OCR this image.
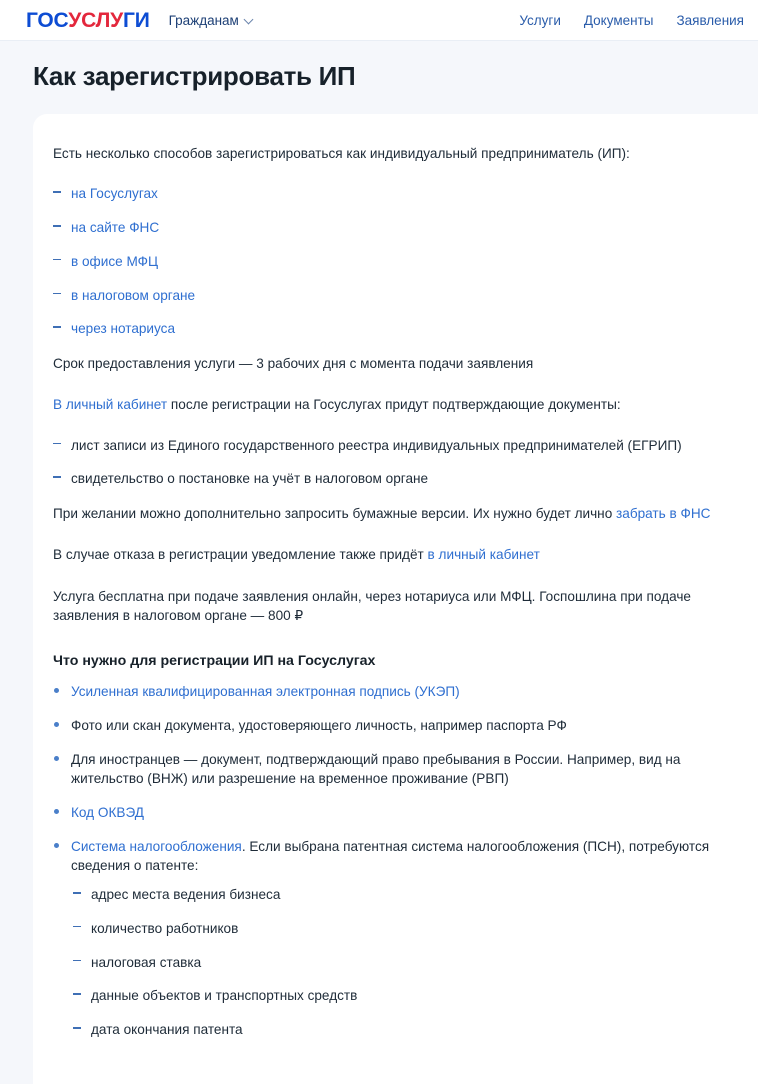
ГОСУСЛУГИ Гражданам	Услуги Документы Заявления
Как зарегистрировать ИП

Есть несколько способов зарегистрироваться как индивидуальный предприниматель (ИП):

на Госуслугах
на сайте ФНС
в офисе МФЦ
в налоговом органе
через нотариуса

Срок предоставления услуги — 3 рабочих дня с момента подачи заявления

В личный кабинет после регистрации на Госуслугах придут подтверждающие документы:

лист записи из Единого государственного реестра индивидуальных предпринимателей (ЕГРИП)
свидетельство о постановке на учёт в налоговом органе

При желании можно дополнительно запросить бумажные версии. Их нужно будет лично забрать в ФНС

В случае отказа в регистрации уведомление также придёт в личный кабинет

Услуга бесплатна при подаче заявления онлайн, через нотариуса или МФЦ. Госпошлина при подаче заявления в налоговом органе — 800 ₽

Что нужно для регистрации ИП на Госуслугах
Усиленная квалифицированная электронная подпись (УКЭП)
Фото или скан документа, удостоверяющего личность, например паспорта РФ
Для иностранцев — документ, подтверждающий право пребывания в России. Например, вид на жительство (ВНЖ) или разрешение на временное проживание (РВП)
Код ОКВЭД
Система налогообложения. Если выбрана патентная система налогообложения (ПСН), потребуются сведения о патенте:
адрес места ведения бизнеса
количество работников
налоговая ставка
данные объектов и транспортных средств
дата окончания патента
